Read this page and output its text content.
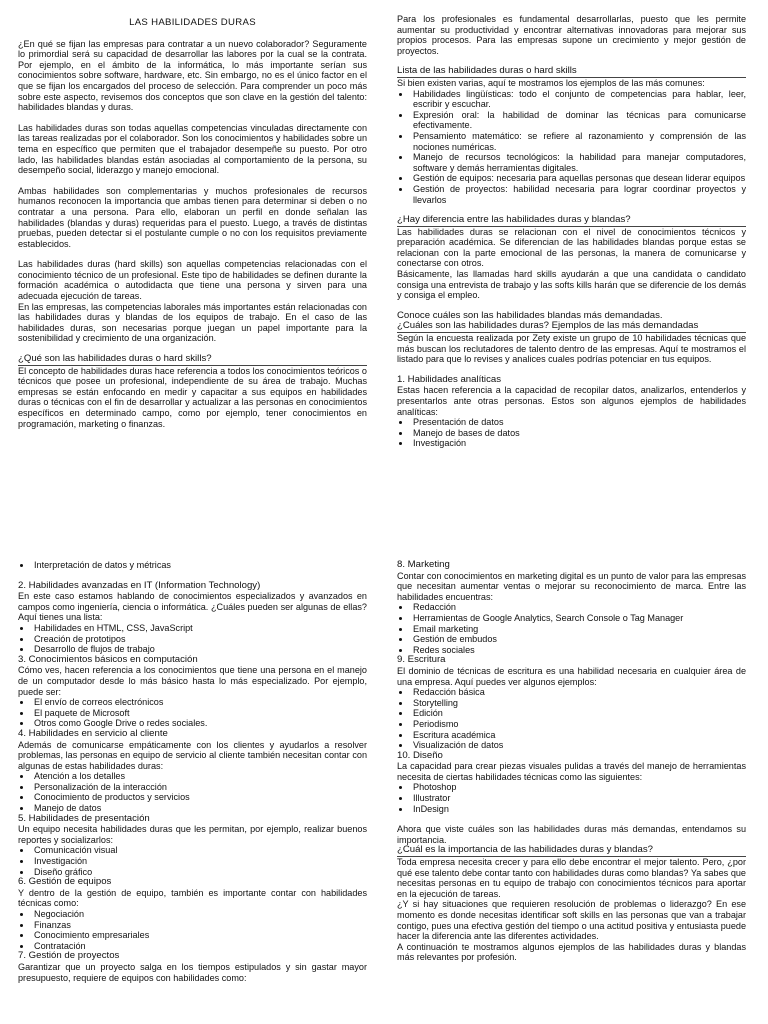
LAS HABILIDADES DURAS

¿En qué se fijan las empresas para contratar a un nuevo colaborador? Seguramente lo primordial será su capacidad de desarrollar las labores por la cual se la contrata. Por ejemplo, en el ámbito de la informática, lo más importante serían sus conocimientos sobre software, hardware, etc. Sin embargo, no es el único factor en el que se fijan los encargados del proceso de selección. Para comprender un poco más sobre este aspecto, revisemos dos conceptos que son clave en la gestión del talento: habilidades blandas y duras.

Las habilidades duras son todas aquellas competencias vinculadas directamente con las tareas realizadas por el colaborador. Son los conocimientos y habilidades sobre un tema en específico que permiten que el trabajador desempeñe su puesto. Por otro lado, las habilidades blandas están asociadas al comportamiento de la persona, su desempeño social, liderazgo y manejo emocional.

Ambas habilidades son complementarias y muchos profesionales de recursos humanos reconocen la importancia que ambas tienen para determinar si deben o no contratar a una persona. Para ello, elaboran un perfil en donde señalan las habilidades (blandas y duras) requeridas para el puesto. Luego, a través de distintas pruebas, pueden detectar si el postulante cumple o no con los requisitos previamente establecidos.

Las habilidades duras (hard skills) son aquellas competencias relacionadas con el conocimiento técnico de un profesional. Este tipo de habilidades se definen durante la formación académica o autodidacta que tiene una persona y sirven para una adecuada ejecución de tareas.

En las empresas, las competencias laborales más importantes están relacionadas con las habilidades duras y blandas de los equipos de trabajo. En el caso de las habilidades duras, son necesarias porque juegan un papel importante para la sostenibilidad y crecimiento de una organización.

¿Qué son las habilidades duras o hard skills?

El concepto de habilidades duras hace referencia a todos los conocimientos teóricos o técnicos que posee un profesional, independiente de su área de trabajo. Muchas empresas se están enfocando en medir y capacitar a sus equipos en habilidades duras o técnicas con el fin de desarrollar y actualizar a las personas en conocimientos específicos en determinado campo, como por ejemplo, tener conocimientos en programación, marketing o finanzas.

Para los profesionales es fundamental desarrollarlas, puesto que les permite aumentar su productividad y encontrar alternativas innovadoras para mejorar sus propios procesos. Para las empresas supone un crecimiento y mejor gestión de proyectos.

Lista de las habilidades duras o hard skills

Si bien existen varias, aquí te mostramos los ejemplos de las más comunes:

• Habilidades lingüísticas: todo el conjunto de competencias para hablar, leer, escribir y escuchar.
• Expresión oral: la habilidad de dominar las técnicas para comunicarse efectivamente.
• Pensamiento matemático: se refiere al razonamiento y comprensión de las nociones numéricas.
• Manejo de recursos tecnológicos: la habilidad para manejar computadores, software y demás herramientas digitales.
• Gestión de equipos: necesaria para aquellas personas que desean liderar equipos
• Gestión de proyectos: habilidad necesaria para lograr coordinar proyectos y llevarlos
¿Hay diferencia entre las habilidades duras y blandas?

Las habilidades duras se relacionan con el nivel de conocimientos técnicos y preparación académica. Se diferencian de las habilidades blandas porque estas se relacionan con la parte emocional de las personas, la manera de comunicarse y conectarse con otros.

Básicamente, las llamadas hard skills ayudarán a que una candidata o candidato consiga una entrevista de trabajo y las softs kills harán que se diferencie de los demás y consiga el empleo.

Conoce cuáles son las habilidades blandas más demandadas.
¿Cuáles son las habilidades duras? Ejemplos de las más demandadas

Según la encuesta realizada por Zety existe un grupo de 10 habilidades técnicas que más buscan los reclutadores de talento dentro de las empresas. Aquí te mostramos el listado para que lo revises y analices cuales podrías potenciar en tus equipos.

1. Habilidades analíticas

Estas hacen referencia a la capacidad de recopilar datos, analizarlos, entenderlos y presentarlos ante otras personas. Estos son algunos ejemplos de habilidades analíticas:

• Presentación de datos
• Manejo de bases de datos
• Investigación
• Interpretación de datos y métricas
2. Habilidades avanzadas en IT (Information Technology)

En este caso estamos hablando de conocimientos especializados y avanzados en campos como ingeniería, ciencia o informática. ¿Cuáles pueden ser algunas de ellas? Aquí tienes una lista:

• Habilidades en HTML, CSS, JavaScript
• Creación de prototipos
• Desarrollo de flujos de trabajo
3. Conocimientos básicos en computación

Cómo ves, hacen referencia a los conocimientos que tiene una persona en el manejo de un computador desde lo más básico hasta lo más especializado. Por ejemplo, puede ser:

• El envío de correos electrónicos
• El paquete de Microsoft
• Otros como Google Drive o redes sociales.
4. Habilidades en servicio al cliente

Además de comunicarse empáticamente con los clientes y ayudarlos a resolver problemas, las personas en equipo de servicio al cliente también necesitan contar con algunas de estas habilidades duras:

• Atención a los detalles
• Personalización de la interacción
• Conocimiento de productos y servicios
• Manejo de datos
5. Habilidades de presentación

Un equipo necesita habilidades duras que les permitan, por ejemplo, realizar buenos reportes y socializarlos:

• Comunicación visual
• Investigación
• Diseño gráfico
6. Gestión de equipos

Y dentro de la gestión de equipo, también es importante contar con habilidades técnicas como:

• Negociación
• Finanzas
• Conocimiento empresariales
• Contratación
7. Gestión de proyectos

Garantizar que un proyecto salga en los tiempos estipulados y sin gastar mayor presupuesto, requiere de equipos con habilidades como:

8. Marketing

Contar con conocimientos en marketing digital es un punto de valor para las empresas que necesitan aumentar ventas o mejorar su reconocimiento de marca. Entre las habilidades encuentras:

• Redacción
• Herramientas de Google Analytics, Search Console o Tag Manager
• Email marketing
• Gestión de embudos
• Redes sociales
9. Escritura

El dominio de técnicas de escritura es una habilidad necesaria en cualquier área de una empresa. Aquí puedes ver algunos ejemplos:

• Redacción básica
• Storytelling
• Edición
• Periodismo
• Escritura académica
• Visualización de datos
10. Diseño

La capacidad para crear piezas visuales pulidas a través del manejo de herramientas necesita de ciertas habilidades técnicas como las siguientes:

• Photoshop
• Illustrator
• InDesign

Ahora que viste cuáles son las habilidades duras más demandas, entendamos su importancia.

¿Cuál es la importancia de las habilidades duras y blandas?

Toda empresa necesita crecer y para ello debe encontrar el mejor talento. Pero, ¿por qué ese talento debe contar tanto con habilidades duras como blandas? Ya sabes que necesitas personas en tu equipo de trabajo con conocimientos técnicos para aportar en la ejecución de tareas.

¿Y si hay situaciones que requieren resolución de problemas o liderazgo? En ese momento es donde necesitas identificar soft skills en las personas que van a trabajar contigo, pues una efectiva gestión del tiempo o una actitud positiva y entusiasta puede hacer la diferencia ante las diferentes actividades.

A continuación te mostramos algunos ejemplos de las habilidades duras y blandas más relevantes por profesión.
